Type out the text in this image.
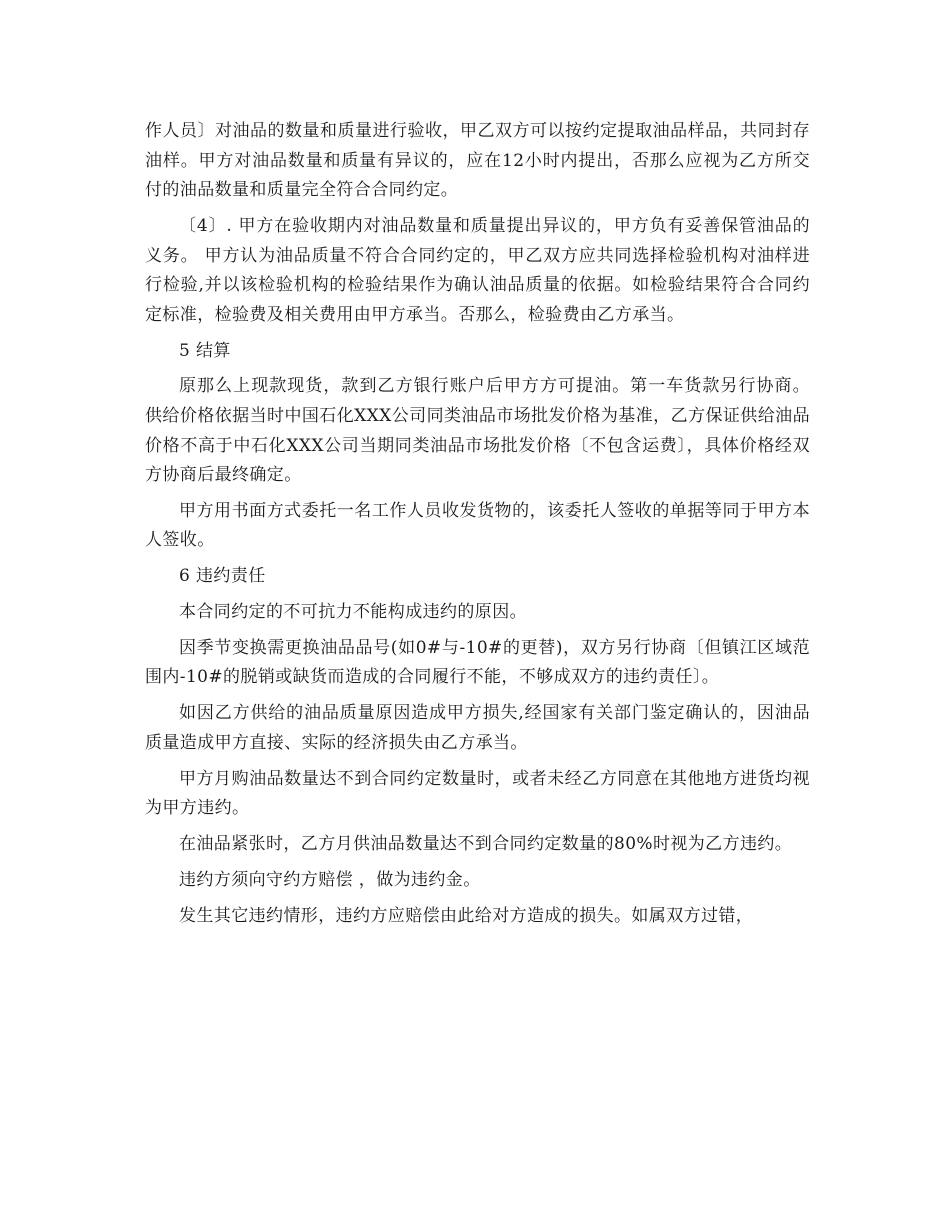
作人员〕对油品的数量和质量进行验收，甲乙双方可以按约定提取油品样品，共同封存油样。甲方对油品数量和质量有异议的，应在12小时内提出，否那么应视为乙方所交付的油品数量和质量完全符合合同约定。

〔4〕. 甲方在验收期内对油品数量和质量提出异议的，甲方负有妥善保管油品的义务。 甲方认为油品质量不符合合同约定的，甲乙双方应共同选择检验机构对油样进行检验,并以该检验机构的检验结果作为确认油品质量的依据。如检验结果符合合同约定标准，检验费及相关费用由甲方承当。否那么，检验费由乙方承当。

5 结算

原那么上现款现货，款到乙方银行账户后甲方方可提油。第一车货款另行协商。 供给价格依据当时中国石化XXX公司同类油品市场批发价格为基准，乙方保证供给油品价格不高于中石化XXX公司当期同类油品市场批发价格〔不包含运费〕，具体价格经双方协商后最终确定。

甲方用书面方式委托一名工作人员收发货物的，该委托人签收的单据等同于甲方本人签收。

6 违约责任

本合同约定的不可抗力不能构成违约的原因。

因季节变换需更换油品品号(如0#与-10#的更替)，双方另行协商〔但镇江区域范围内-10#的脱销或缺货而造成的合同履行不能，不够成双方的违约责任〕。

如因乙方供给的油品质量原因造成甲方损失,经国家有关部门鉴定确认的，因油品质量造成甲方直接、实际的经济损失由乙方承当。

甲方月购油品数量达不到合同约定数量时，或者未经乙方同意在其他地方进货均视为甲方违约。

在油品紧张时，乙方月供油品数量达不到合同约定数量的80%时视为乙方违约。

违约方须向守约方赔偿 ，做为违约金。

发生其它违约情形，违约方应赔偿由此给对方造成的损失。如属双方过错，
